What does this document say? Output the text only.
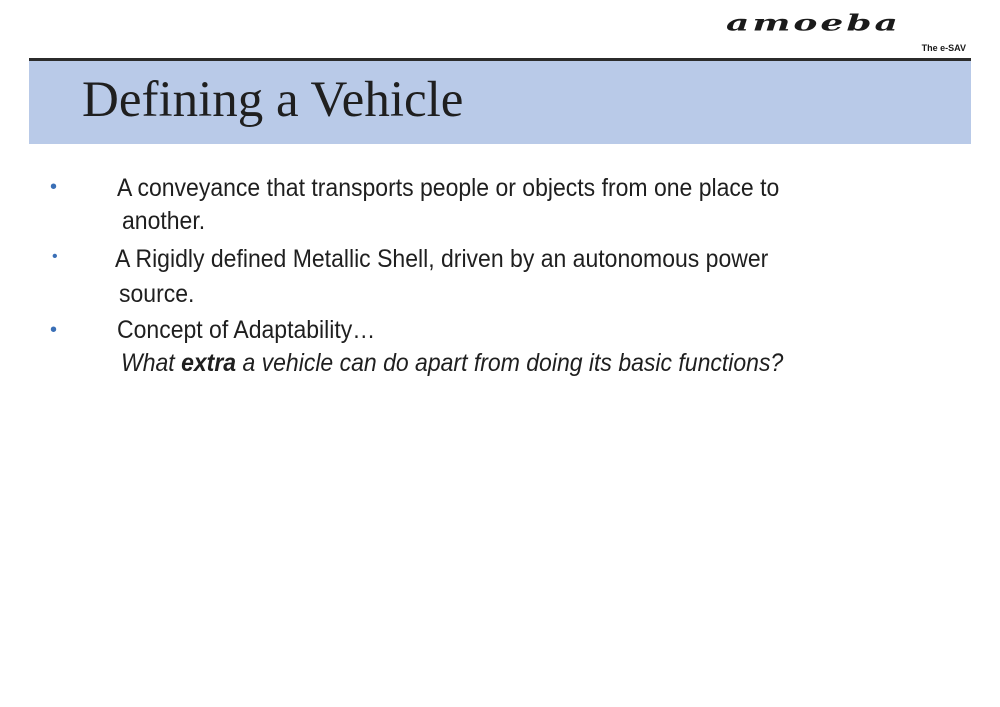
amoeba
The e-SAV
Defining a Vehicle
• A conveyance that transports people or objects from one place to
another.
• A Rigidly defined Metallic Shell, driven by an autonomous power
source.
• Concept of Adaptability…
What extra a vehicle can do apart from doing its basic functions?
